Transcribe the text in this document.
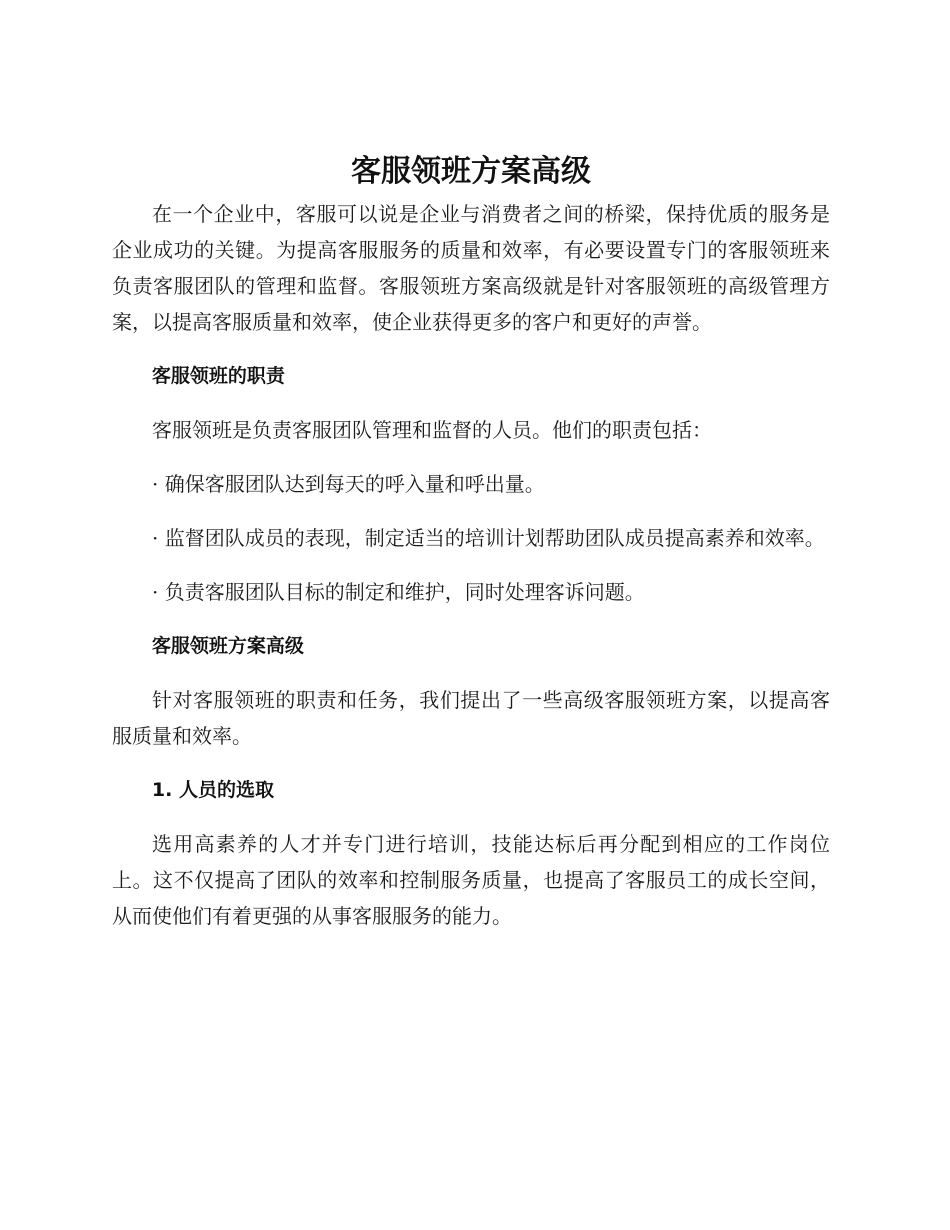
客服领班方案高级

在一个企业中，客服可以说是企业与消费者之间的桥梁，保持优质的服务是企业成功的关键。为提高客服服务的质量和效率，有必要设置专门的客服领班来负责客服团队的管理和监督。客服领班方案高级就是针对客服领班的高级管理方案，以提高客服质量和效率，使企业获得更多的客户和更好的声誉。

客服领班的职责

客服领班是负责客服团队管理和监督的人员。他们的职责包括：

· 确保客服团队达到每天的呼入量和呼出量。

· 监督团队成员的表现，制定适当的培训计划帮助团队成员提高素养和效率。

· 负责客服团队目标的制定和维护，同时处理客诉问题。

客服领班方案高级

针对客服领班的职责和任务，我们提出了一些高级客服领班方案，以提高客服质量和效率。

1. 人员的选取

选用高素养的人才并专门进行培训，技能达标后再分配到相应的工作岗位上。这不仅提高了团队的效率和控制服务质量，也提高了客服员工的成长空间，从而使他们有着更强的从事客服服务的能力。
